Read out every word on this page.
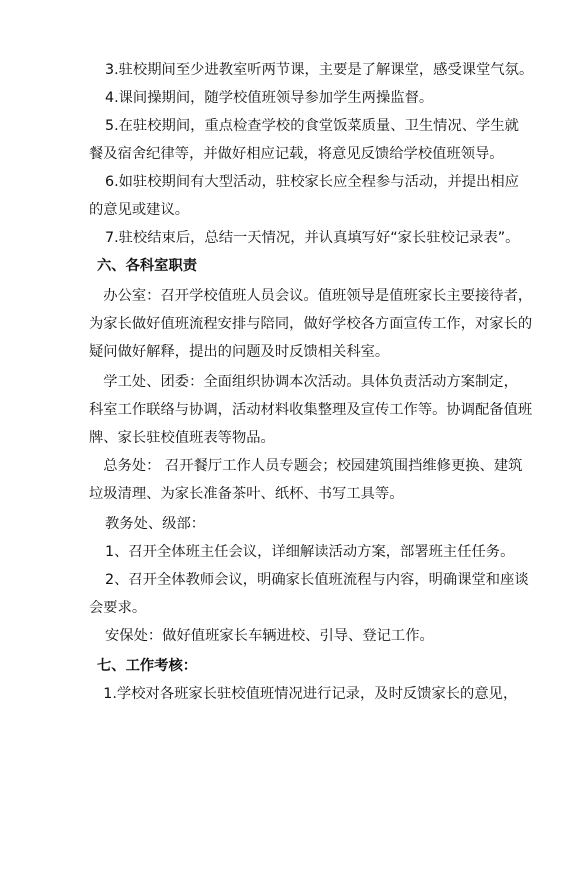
3.驻校期间至少进教室听两节课，主要是了解课堂，感受课堂气氛。

4.课间操期间，随学校值班领导参加学生两操监督。

5.在驻校期间，重点检查学校的食堂饭菜质量、卫生情况、学生就

餐及宿舍纪律等，并做好相应记载，将意见反馈给学校值班领导。

6.如驻校期间有大型活动，驻校家长应全程参与活动，并提出相应

的意见或建议。

7.驻校结束后，总结一天情况，并认真填写好“家长驻校记录表”。

六、各科室职责

　办公室：召开学校值班人员会议。值班领导是值班家长主要接待者，

为家长做好值班流程安排与陪同，做好学校各方面宣传工作，对家长的

疑问做好解释，提出的问题及时反馈相关科室。

　学工处、团委：全面组织协调本次活动。具体负责活动方案制定，

科室工作联络与协调，活动材料收集整理及宣传工作等。协调配备值班

牌、家长驻校值班表等物品。

　总务处： 召开餐厅工作人员专题会；校园建筑围挡维修更换、建筑

垃圾清理、为家长准备茶叶、纸杯、书写工具等。

教务处、级部：

1、召开全体班主任会议，详细解读活动方案，部署班主任任务。

2、召开全体教师会议，明确家长值班流程与内容，明确课堂和座谈

会要求。

安保处：做好值班家长车辆进校、引导、登记工作。

七、工作考核：

　1.学校对各班家长驻校值班情况进行记录，及时反馈家长的意见，
